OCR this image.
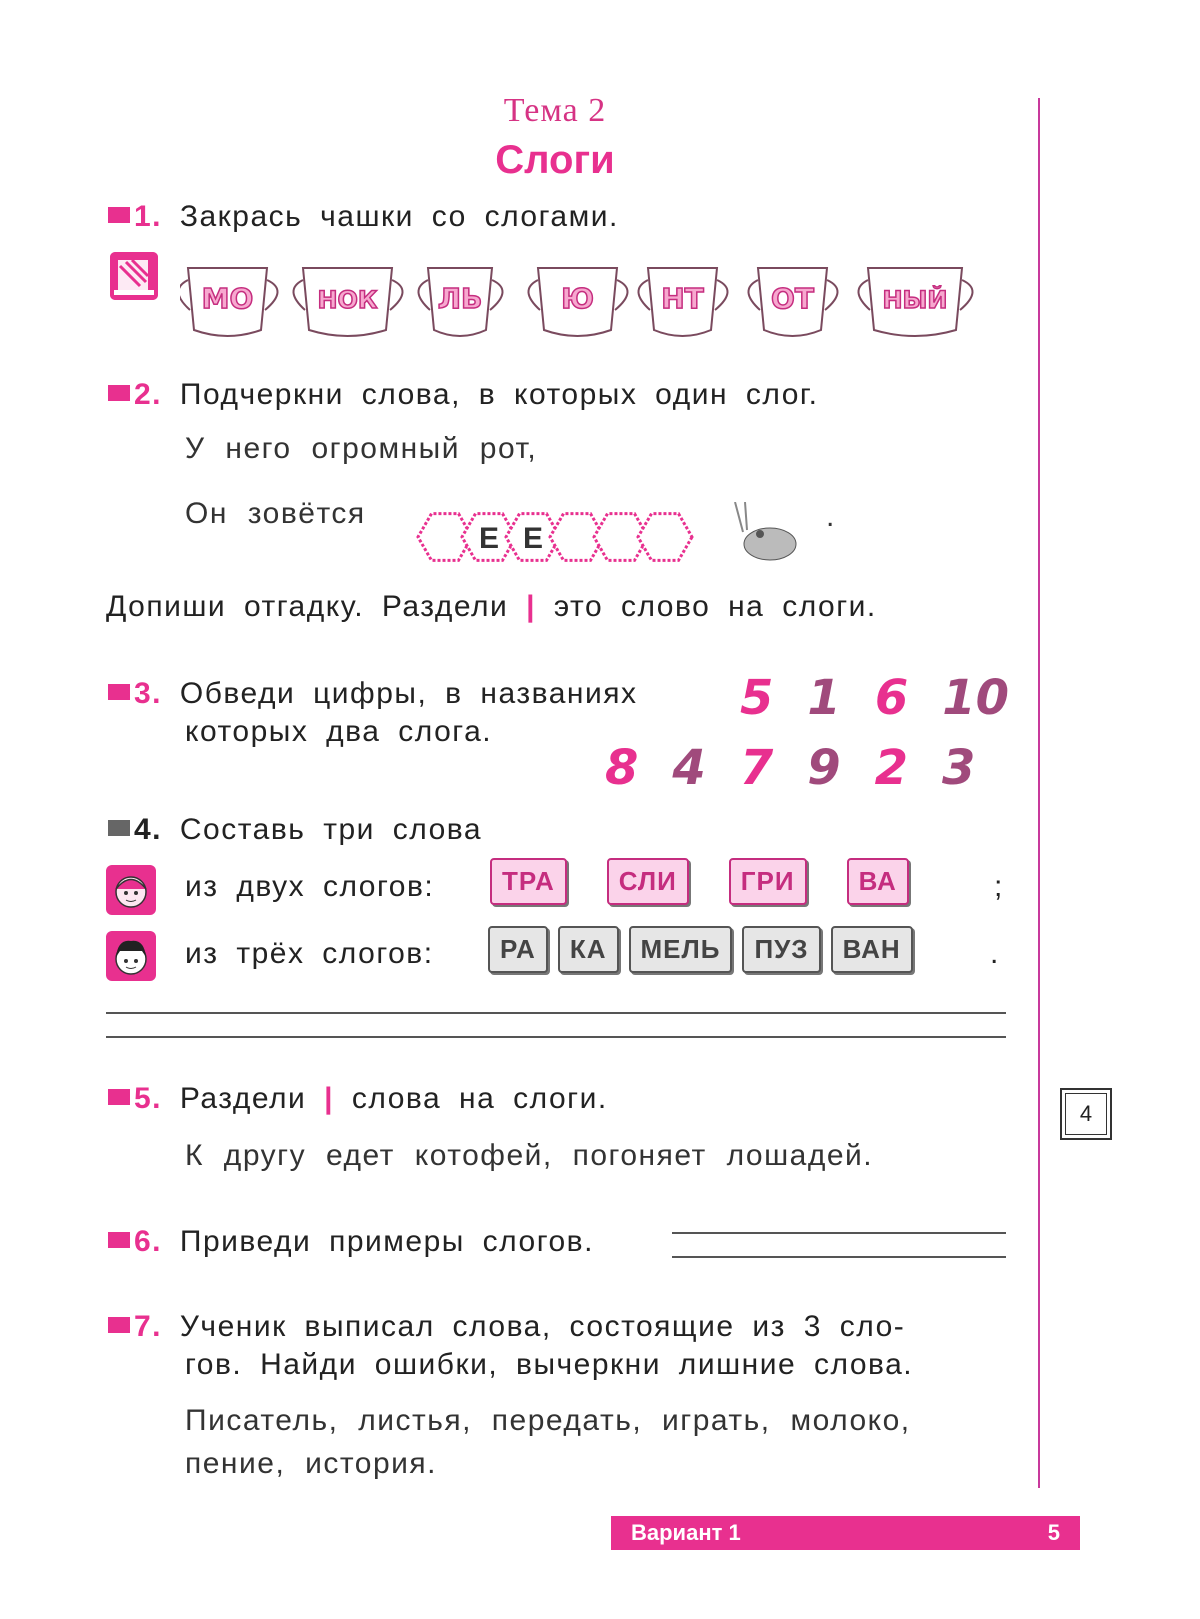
Тема 2
Слоги
1. Закрась чашки со слогами.
МО	НОК ЛЬ	Ю НТ ОТ	НЫЙ
2. Подчеркни слова, в которых один слог.
У него огромный рот,
Он зовётся
Е Е
.
Допиши отгадку. Раздели | это слово на слоги.
3. Обведи цифры, в названиях
которых два слога.
5 1 6 10
8 4 7 9 2 3
4. Составь три слова
из двух слогов:	ТРА СЛИ ГРИ ВА	;
из трёх слогов:	РА КА МЕЛЬ ПУЗ ВАН	.
5. Раздели | слова на слоги.
К другу едет котофей, погоняет лошадей.
4
6. Приведи примеры слогов.
7. Ученик выписал слова, состоящие из 3 сло-
гов. Найди ошибки, вычеркни лишние слова.
Писатель, листья, передать, играть, молоко,
пение, история.
Вариант 1	5
